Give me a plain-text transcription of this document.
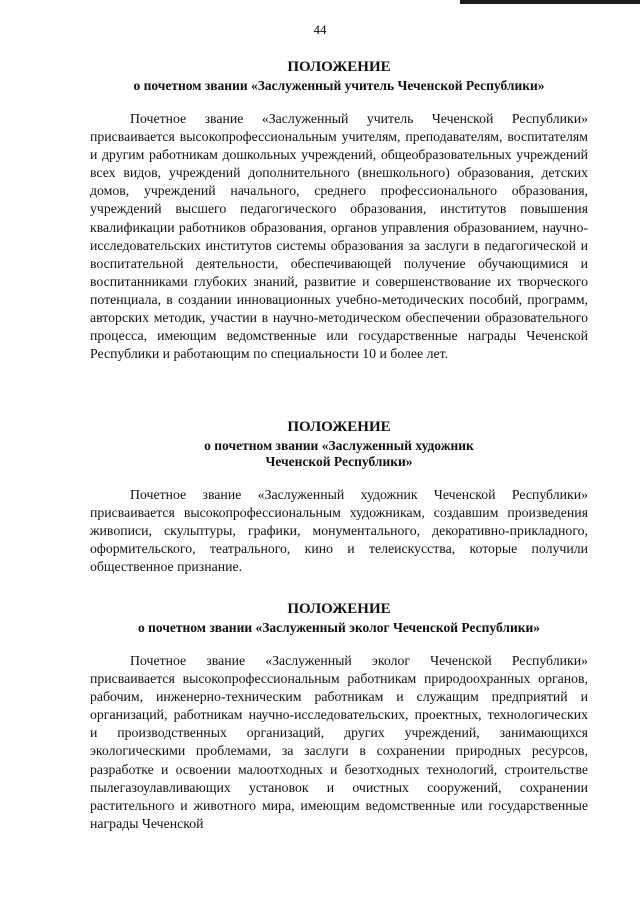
44

ПОЛОЖЕНИЕ

о почетном звании «Заслуженный учитель Чеченской Республики»

Почетное звание «Заслуженный учитель Чеченской Республики» присваивается высокопрофессиональным учителям, преподавателям, воспитателям и другим работникам дошкольных учреждений, общеобразовательных учреждений всех видов, учреждений дополнительного (внешкольного) образования, детских домов, учреждений начального, среднего профессионального образования, учреждений высшего педагогического образования, институтов повышения квалификации работников образования, органов управления образованием, научно-исследовательских институтов системы образования за заслуги в педагогической и воспитательной деятельности, обеспечивающей получение обучающимися и воспитанниками глубоких знаний, развитие и совершенствование их творческого потенциала, в создании инновационных учебно-методических пособий, программ, авторских методик, участии в научно-методическом обеспечении образовательного процесса, имеющим ведомственные или государственные награды Чеченской Республики и работающим по специальности 10 и более лет.

ПОЛОЖЕНИЕ

о почетном звании «Заслуженный художник
Чеченской Республики»

Почетное звание «Заслуженный художник Чеченской Республики» присваивается высокопрофессиональным художникам, создавшим произведения живописи, скульптуры, графики, монументального, декоративно-прикладного, оформительского, театрального, кино и телеискусства, которые получили общественное признание.

ПОЛОЖЕНИЕ

о почетном звании «Заслуженный эколог Чеченской Республики»

Почетное звание «Заслуженный эколог Чеченской Республики» присваивается высокопрофессиональным работникам природоохранных органов, рабочим, инженерно-техническим работникам и служащим предприятий и организаций, работникам научно-исследовательских, проектных, технологических и производственных организаций, других учреждений, занимающихся экологическими проблемами, за заслуги в сохранении природных ресурсов, разработке и освоении малоотходных и безотходных технологий, строительстве пылегазоулавливающих установок и очистных сооружений, сохранении растительного и животного мира, имеющим ведомственные или государственные награды Чеченской
